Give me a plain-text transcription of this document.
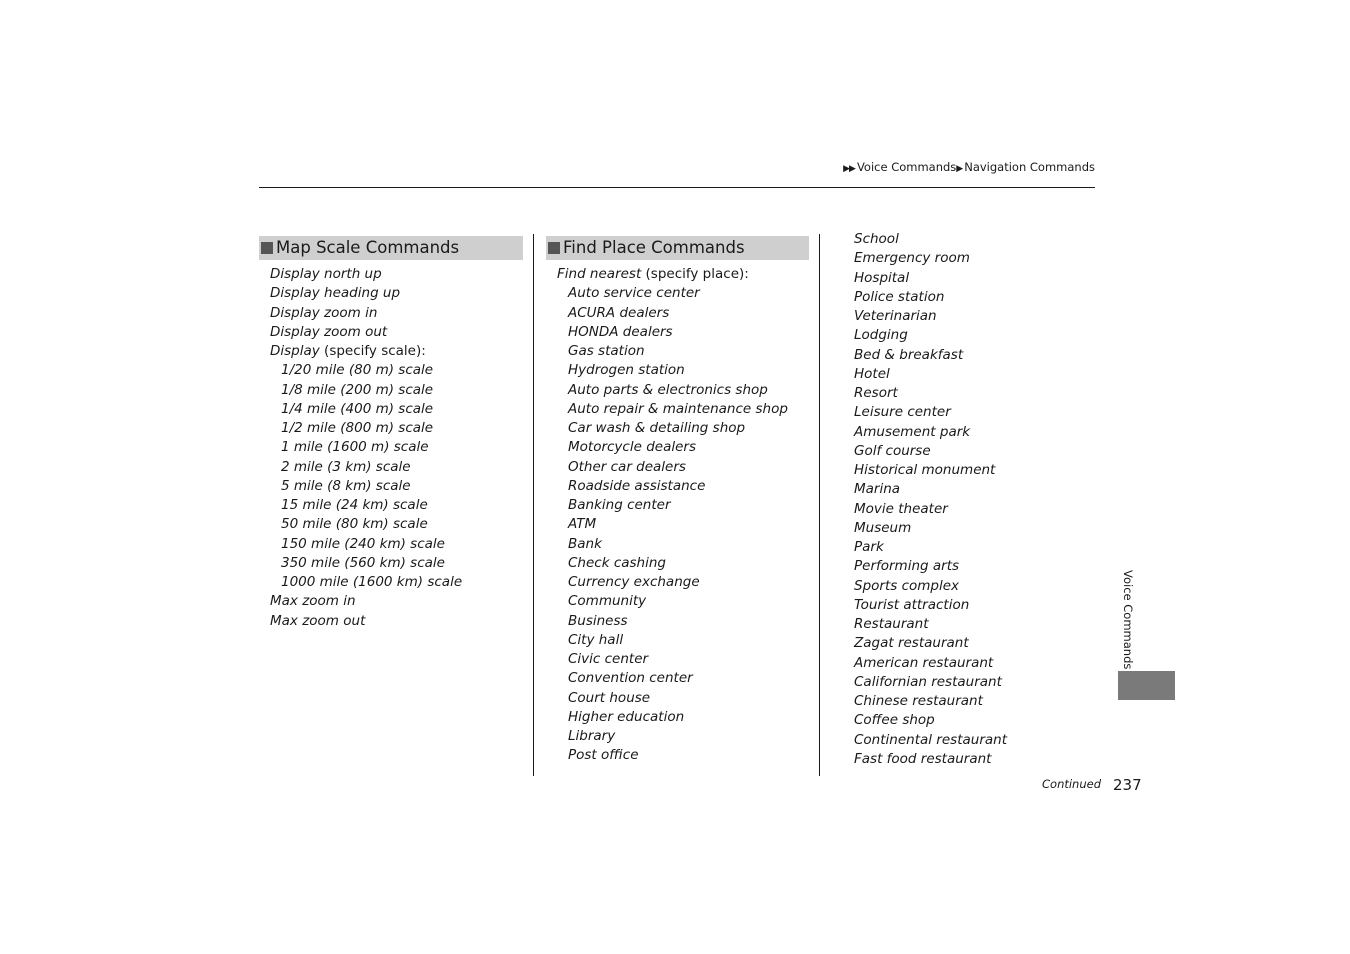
▶▶ Voice Commands▶ Navigation Commands
Map Scale Commands
Display north up
Display heading up
Display zoom in
Display zoom out
Display (specify scale):
1/20 mile (80 m) scale
1/8 mile (200 m) scale
1/4 mile (400 m) scale
1/2 mile (800 m) scale
1 mile (1600 m) scale
2 mile (3 km) scale
5 mile (8 km) scale
15 mile (24 km) scale
50 mile (80 km) scale
150 mile (240 km) scale
350 mile (560 km) scale
1000 mile (1600 km) scale
Max zoom in
Max zoom out
Find Place Commands
Find nearest (specify place):
Auto service center
ACURA dealers
HONDA dealers
Gas station
Hydrogen station
Auto parts & electronics shop
Auto repair & maintenance shop
Car wash & detailing shop
Motorcycle dealers
Other car dealers
Roadside assistance
Banking center
ATM
Bank
Check cashing
Currency exchange
Community
Business
City hall
Civic center
Convention center
Court house
Higher education
Library
Post office
School
Emergency room
Hospital
Police station
Veterinarian
Lodging
Bed & breakfast
Hotel
Resort
Leisure center
Amusement park
Golf course
Historical monument
Marina
Movie theater
Museum
Park
Performing arts
Sports complex
Tourist attraction
Restaurant
Zagat restaurant
American restaurant
Californian restaurant
Chinese restaurant
Coffee shop
Continental restaurant
Fast food restaurant
Voice Commands
Continued 237
